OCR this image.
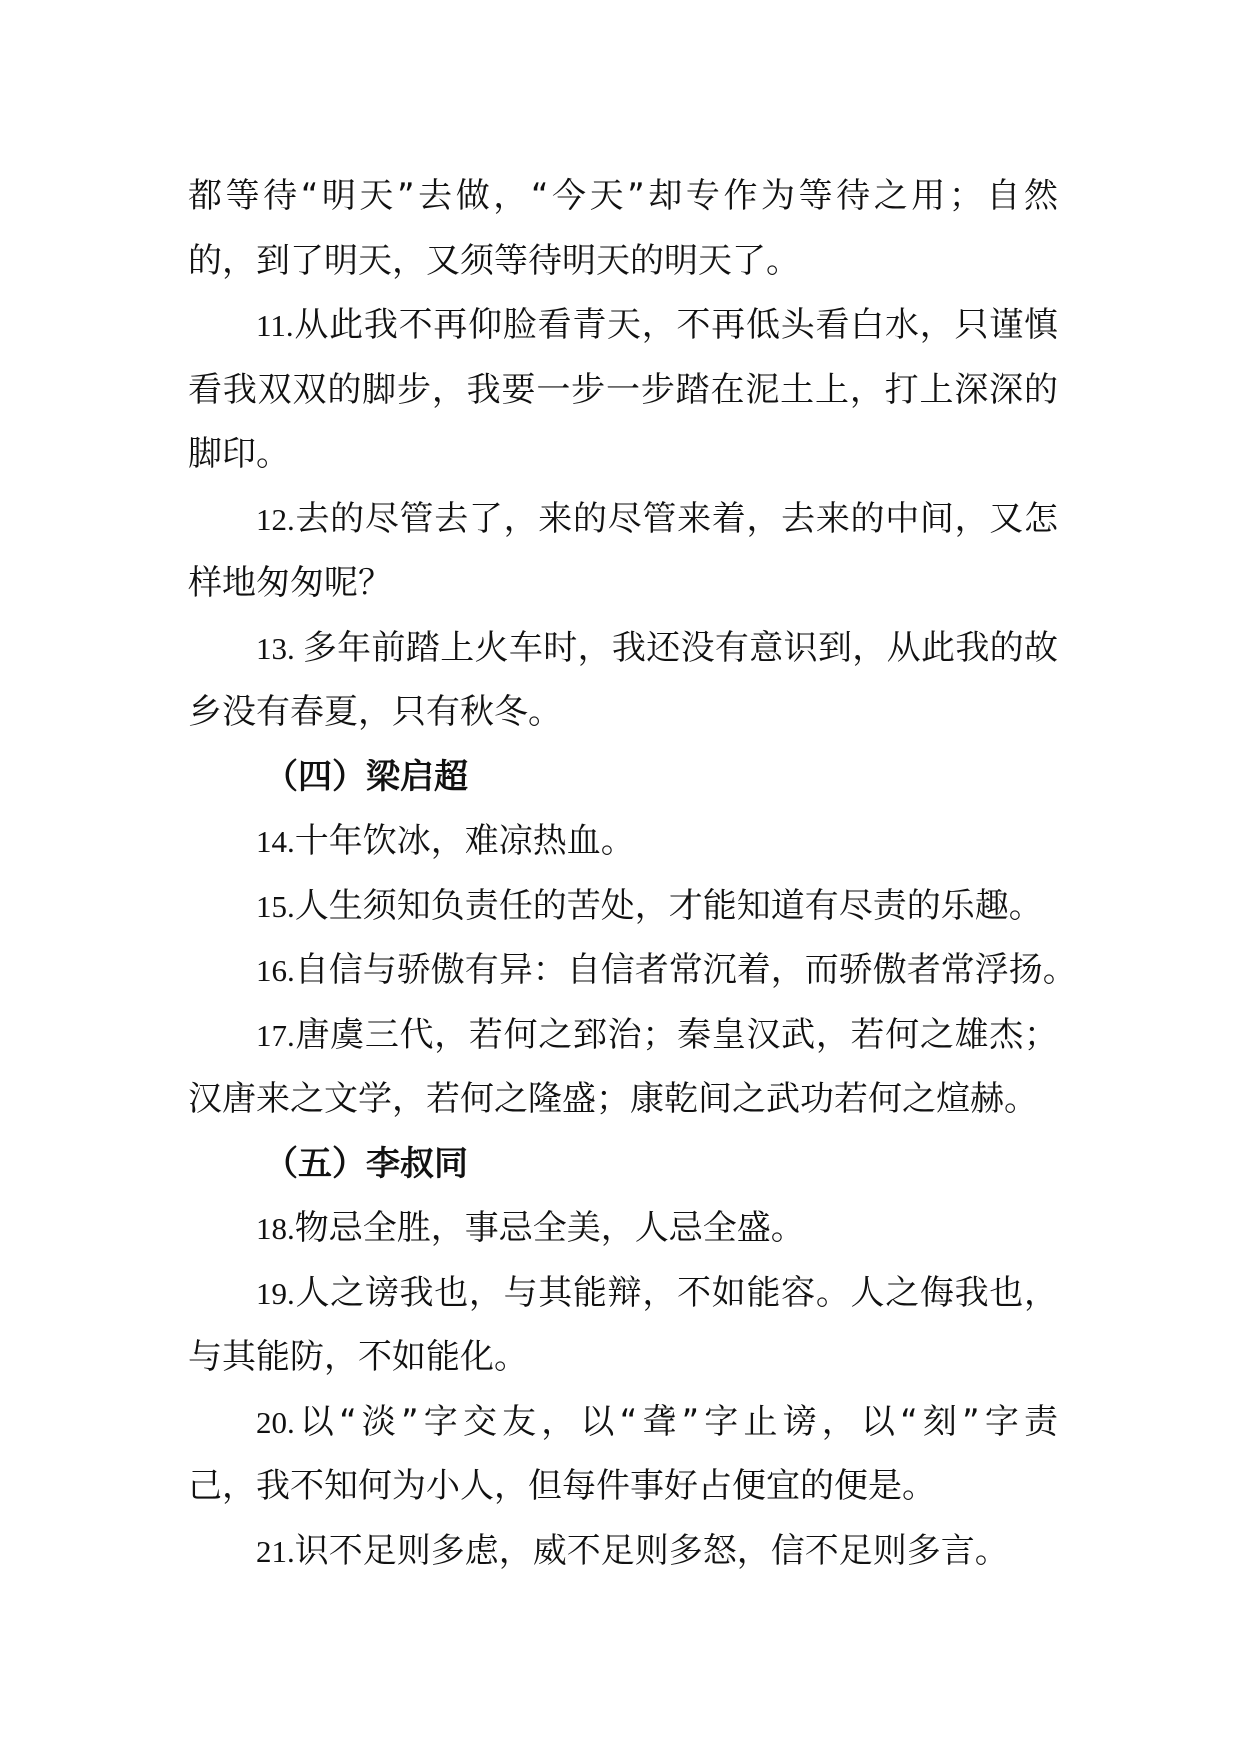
都等待“明天”去做，“今天”却专作为等待之用；自然
的，到了明天，又须等待明天的明天了。
11.从此我不再仰脸看青天，不再低头看白水，只谨慎
看我双双的脚步，我要一步一步踏在泥土上，打上深深的
脚印。
12.去的尽管去了，来的尽管来着，去来的中间，又怎
样地匆匆呢？
13. 多年前踏上火车时，我还没有意识到，从此我的故
乡没有春夏，只有秋冬。
（四）梁启超
14.十年饮冰，难凉热血。
15.人生须知负责任的苦处，才能知道有尽责的乐趣。
16.自信与骄傲有异：自信者常沉着，而骄傲者常浮扬。
17.唐虞三代，若何之郅治；秦皇汉武，若何之雄杰；
汉唐来之文学，若何之隆盛；康乾间之武功若何之煊赫。
（五）李叔同
18.物忌全胜，事忌全美，人忌全盛。
19.人之谤我也，与其能辩，不如能容。人之侮我也，
与其能防，不如能化。
20.以“淡”字交友，以“聋”字止谤，以“刻”字责
己，我不知何为小人，但每件事好占便宜的便是。
21.识不足则多虑，威不足则多怒，信不足则多言。
